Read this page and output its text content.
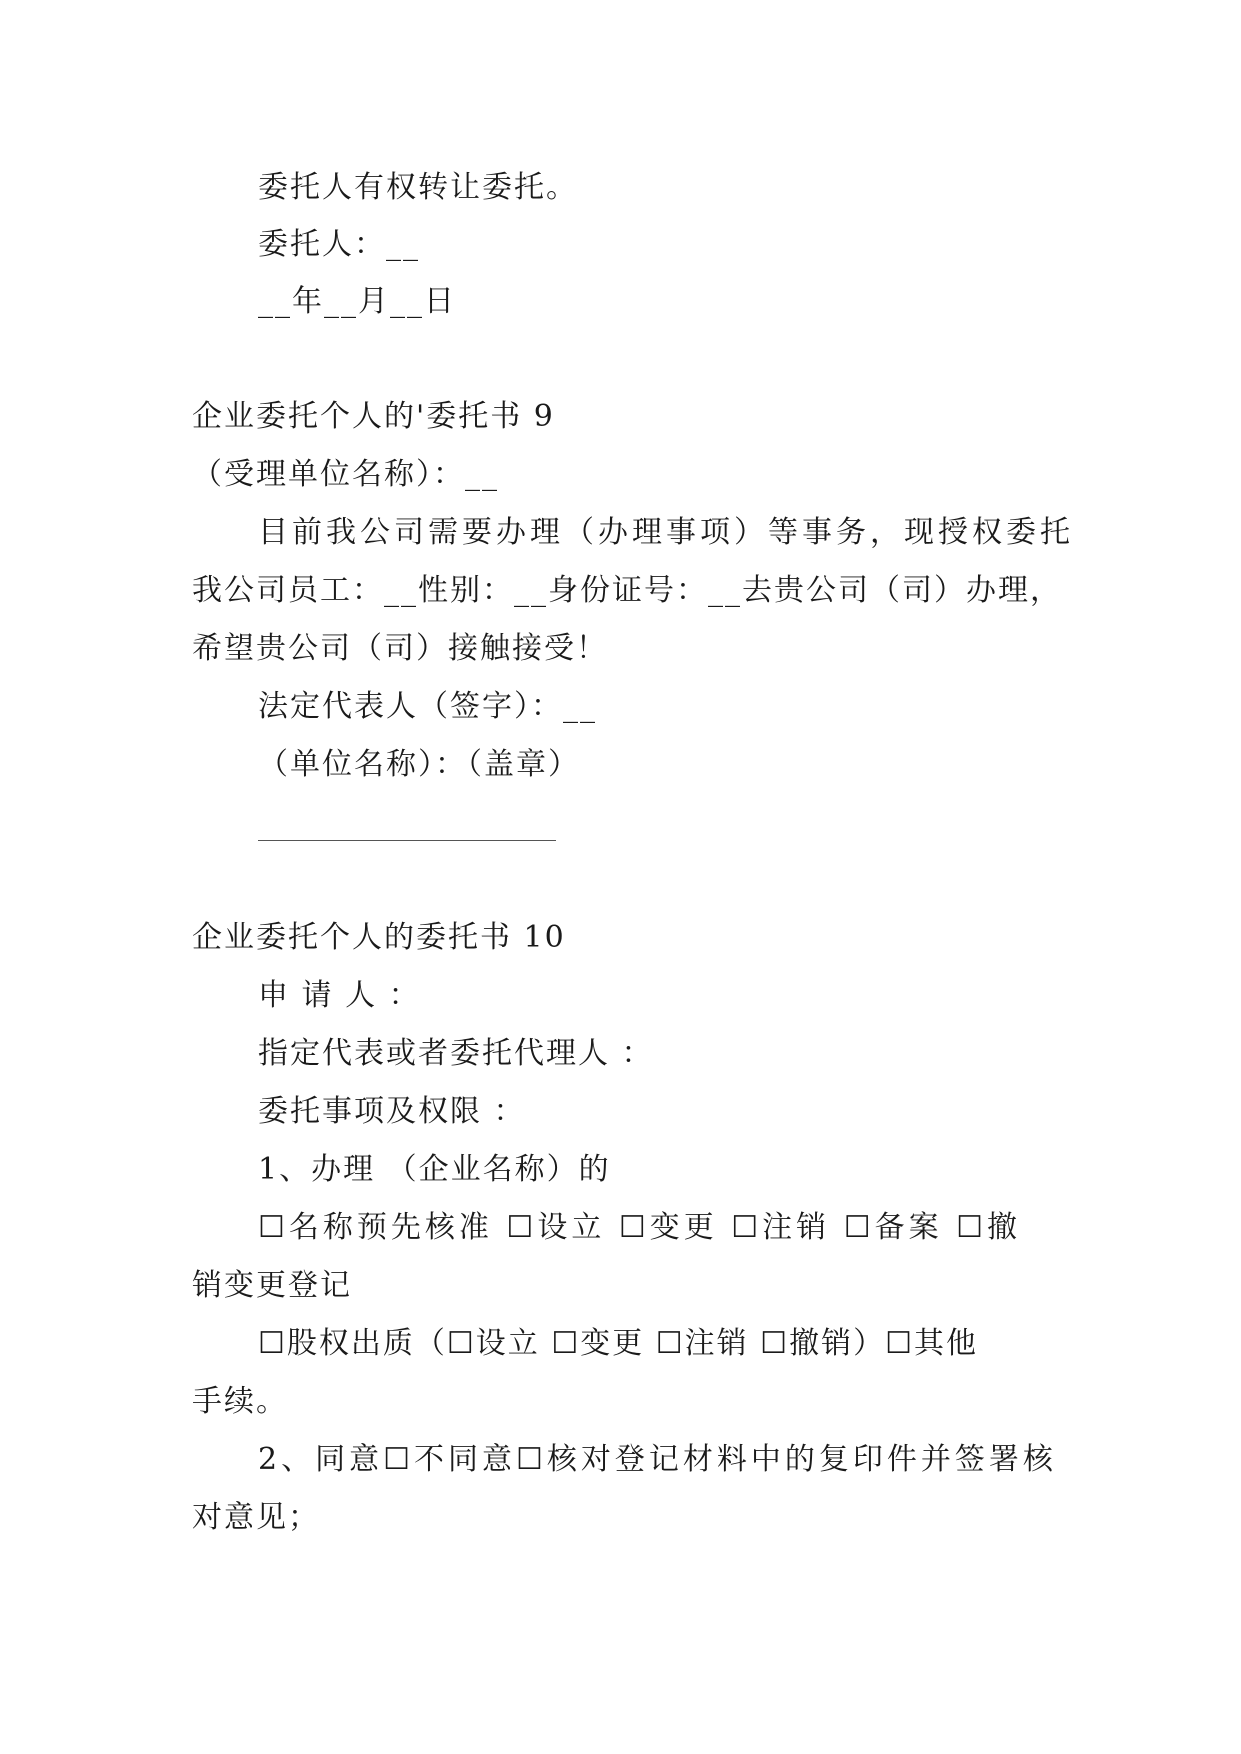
委托人有权转让委托。
委托人：__
__年__月__日
企业委托个人的'委托书 9
（受理单位名称）：__
目前我公司需要办理（办理事项）等事务，现授权委托
我公司员工：__性别：__身份证号：__去贵公司（司）办理，
希望贵公司（司）接触接受！
法定代表人（签字）：__
（单位名称）：（盖章）
企业委托个人的委托书 10
申 请 人 ：
指定代表或者委托代理人 ：
委托事项及权限 ：
1、办理 （企业名称）的
☐名称预先核准 ☐设立 ☐变更 ☐注销 ☐备案 ☐撤
销变更登记
☐股权出质（☐设立 ☐变更 ☐注销 ☐撤销）☐其他
手续。
2、同意☐不同意☐核对登记材料中的复印件并签署核
对意见；
